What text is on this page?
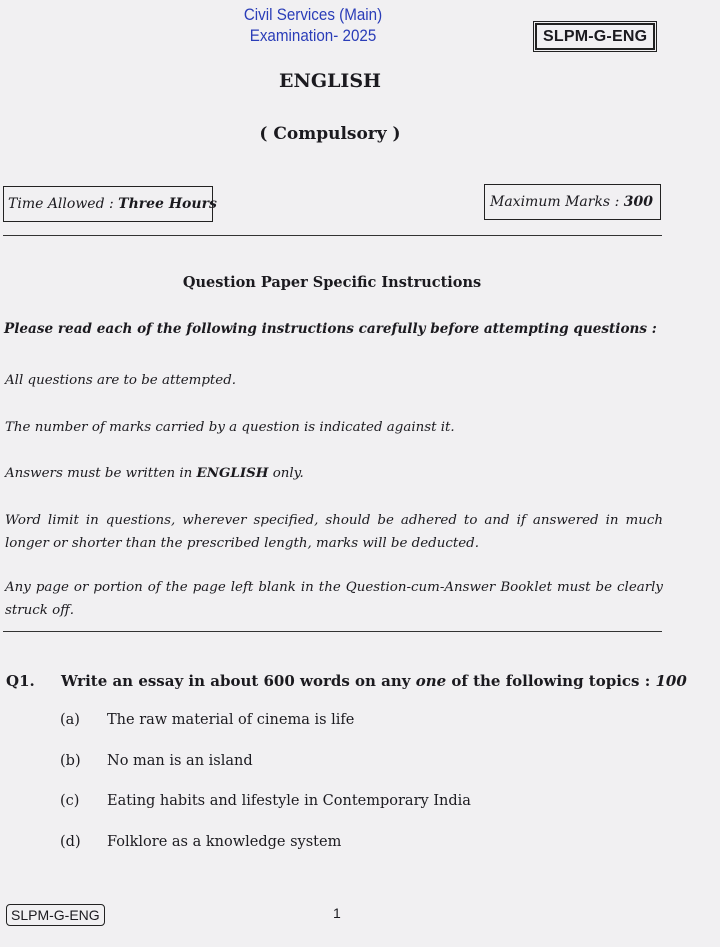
Civil Services (Main)
Examination- 2025	SLPM-G-ENG
ENGLISH
( Compulsory )
Time Allowed : Three Hours	Maximum Marks : 300
Question Paper Specific Instructions
Please read each of the following instructions carefully before attempting questions :
All questions are to be attempted.
The number of marks carried by a question is indicated against it.
Answers must be written in ENGLISH only.
Word limit in questions, wherever specified, should be adhered to and if answered in much longer or shorter than the prescribed length, marks will be deducted.
Any page or portion of the page left blank in the Question-cum-Answer Booklet must be clearly struck off.
Q1. Write an essay in about 600 words on any one of the following topics : 100
(a) The raw material of cinema is life
(b) No man is an island
(c) Eating habits and lifestyle in Contemporary India
(d) Folklore as a knowledge system
SLPM-G-ENG	1
